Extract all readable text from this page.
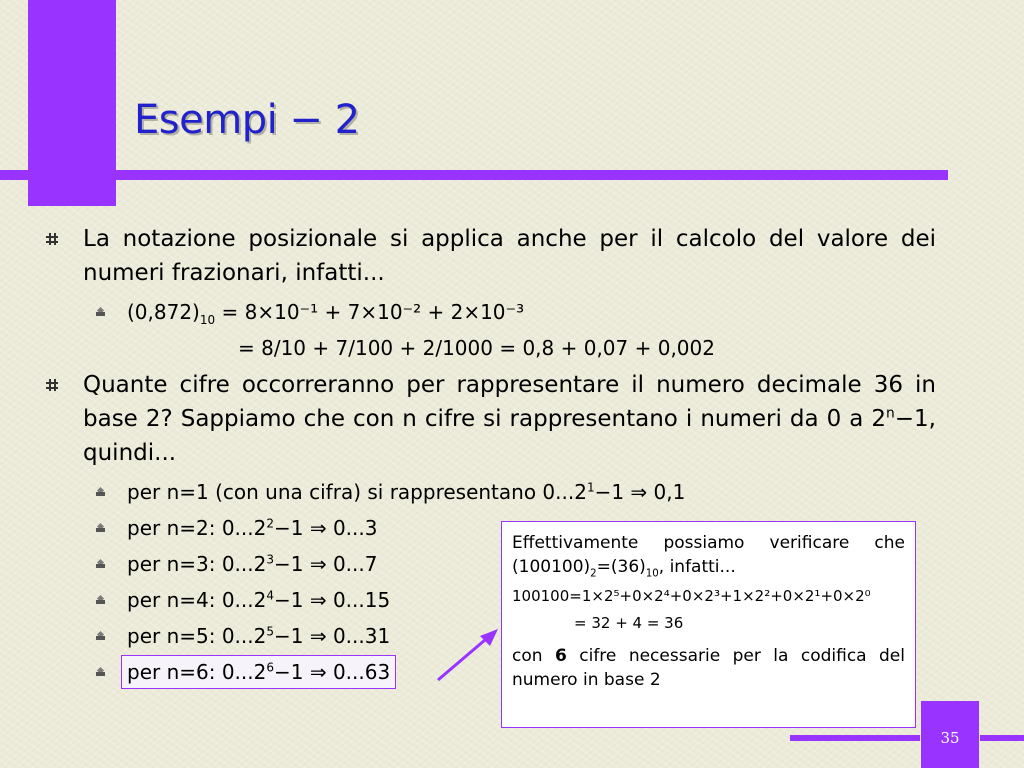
Esempi − 2
La notazione posizionale si applica anche per il calcolo del valore dei numeri frazionari, infatti...
$(0,872)_{10} = 8\times 10^{-1} + 7\times 10^{-2} + 2\times 10^{-3}$
= 8/10 + 7/100 + 2/1000 = 0,8 + 0,07 + 0,002
Quante cifre occorreranno per rappresentare il numero decimale 36 in base 2? Sappiamo che con n cifre si rappresentano i numeri da 0 a $2^n-1$, quindi...
per n=1 (con una cifra) si rappresentano $0...2^1-1$ ⇒ 0,1
per n=2: $0...2^2-1$ ⇒ 0...3
per n=3: $0...2^3-1$ ⇒ 0...7
per n=4: $0...2^4-1$ ⇒ 0...15
per n=5: $0...2^5-1$ ⇒ 0...31
per n=6: $0...2^6-1$ ⇒ 0...63

Effettivamente possiamo verificare che $(100100)_2=(36)_{10}$, infatti...

100100=1×2⁵+0×2⁴+0×2³+1×2²+0×2¹+0×2⁰

= 32 + 4 = 36

con 6 cifre necessarie per la codifica del numero in base 2

35
